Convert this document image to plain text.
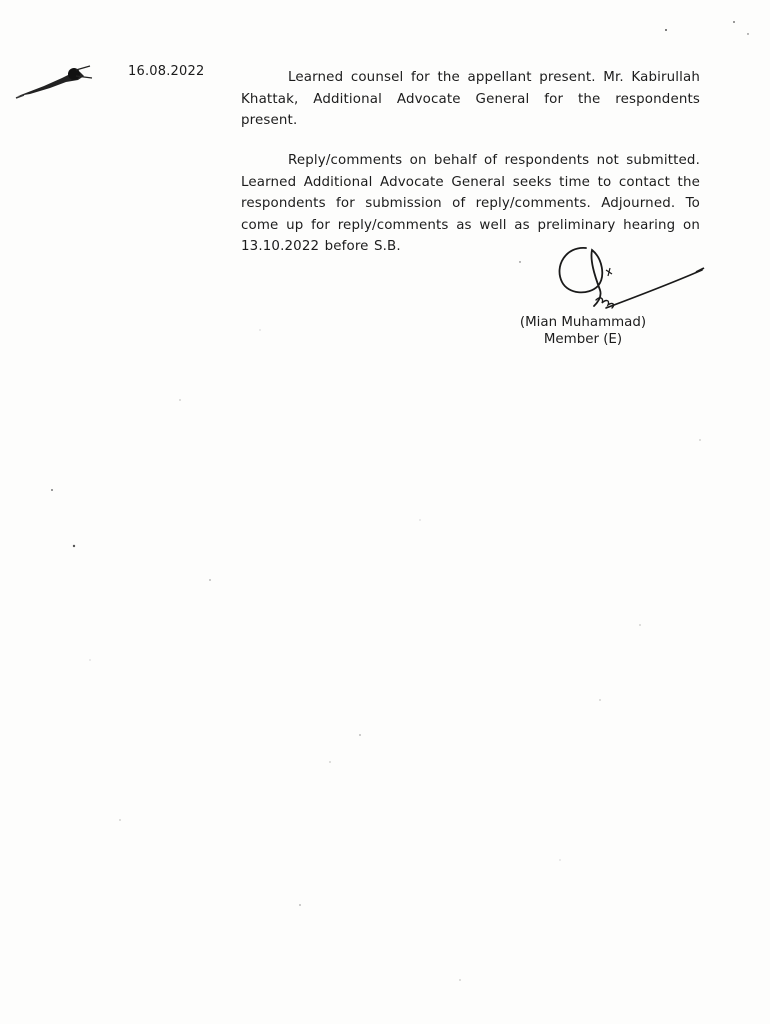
16.08.2022	Learned counsel for the appellant present. Mr. Kabirullah Khattak, Additional Advocate General for the respondents present.
Reply/comments on behalf of respondents not submitted. Learned Additional Advocate General seeks time to contact the respondents for submission of reply/comments. Adjourned. To come up for reply/comments as well as preliminary hearing on 13.10.2022 before S.B.
(Mian Muhammad)
Member (E)
